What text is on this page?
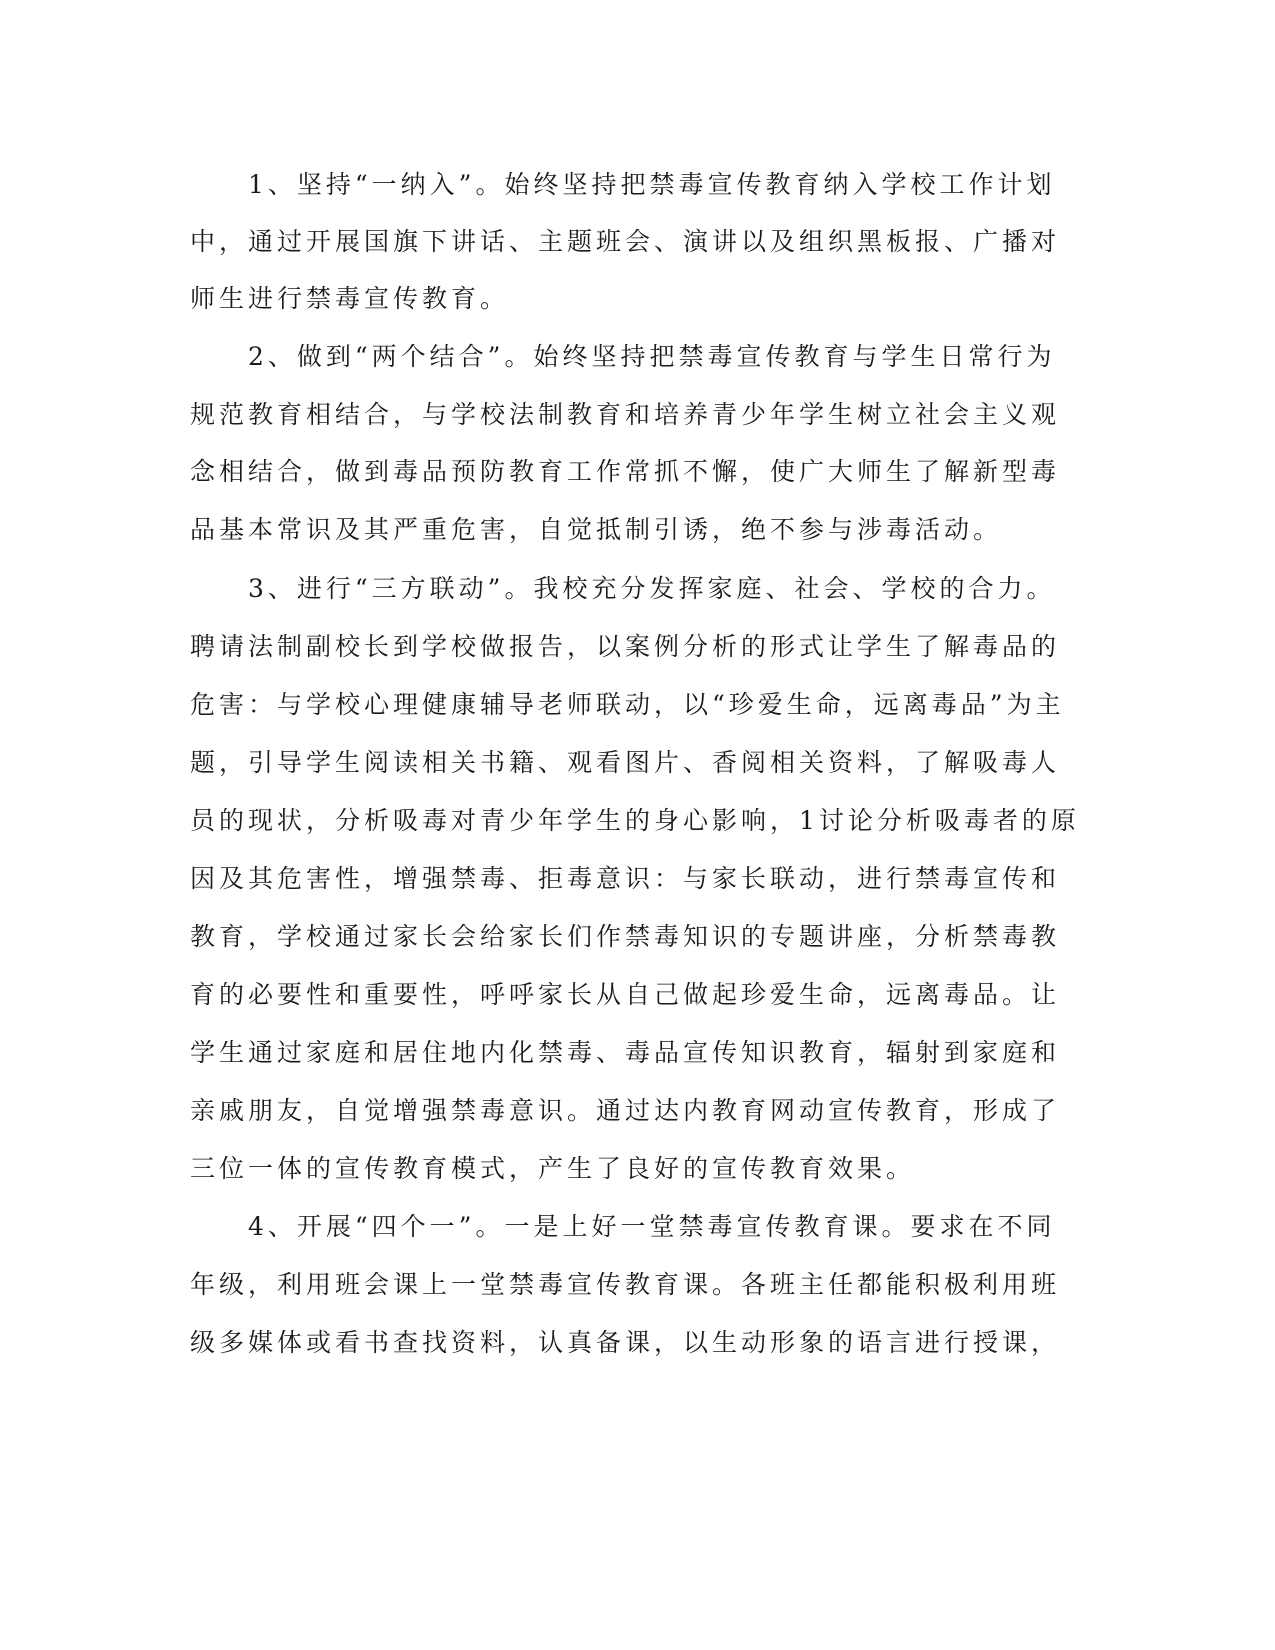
　　1、坚持“一纳入”。始终坚持把禁毒宣传教育纳入学校工作计划

中，通过开展国旗下讲话、主题班会、演讲以及组织黑板报、广播对

师生进行禁毒宣传教育。

　　2、做到“两个结合”。始终坚持把禁毒宣传教育与学生日常行为

规范教育相结合，与学校法制教育和培养青少年学生树立社会主义观

念相结合，做到毒品预防教育工作常抓不懈，使广大师生了解新型毒

品基本常识及其严重危害，自觉抵制引诱，绝不参与涉毒活动。

　　3、进行“三方联动”。我校充分发挥家庭、社会、学校的合力。

聘请法制副校长到学校做报告，以案例分析的形式让学生了解毒品的

危害：与学校心理健康辅导老师联动，以“珍爱生命，远离毒品”为主

题，引导学生阅读相关书籍、观看图片、香阅相关资料，了解吸毒人

员的现状，分析吸毒对青少年学生的身心影响，1讨论分析吸毒者的原

因及其危害性，增强禁毒、拒毒意识：与家长联动，进行禁毒宣传和

教育，学校通过家长会给家长们作禁毒知识的专题讲座，分析禁毒教

育的必要性和重要性，呼呼家长从自己做起珍爱生命，远离毒品。让

学生通过家庭和居住地内化禁毒、毒品宣传知识教育，辐射到家庭和

亲戚朋友，自觉增强禁毒意识。通过达内教育网动宣传教育，形成了

三位一体的宣传教育模式，产生了良好的宣传教育效果。

　　4、开展“四个一”。一是上好一堂禁毒宣传教育课。要求在不同

年级，利用班会课上一堂禁毒宣传教育课。各班主任都能积极利用班

级多媒体或看书查找资料，认真备课，以生动形象的语言进行授课，
